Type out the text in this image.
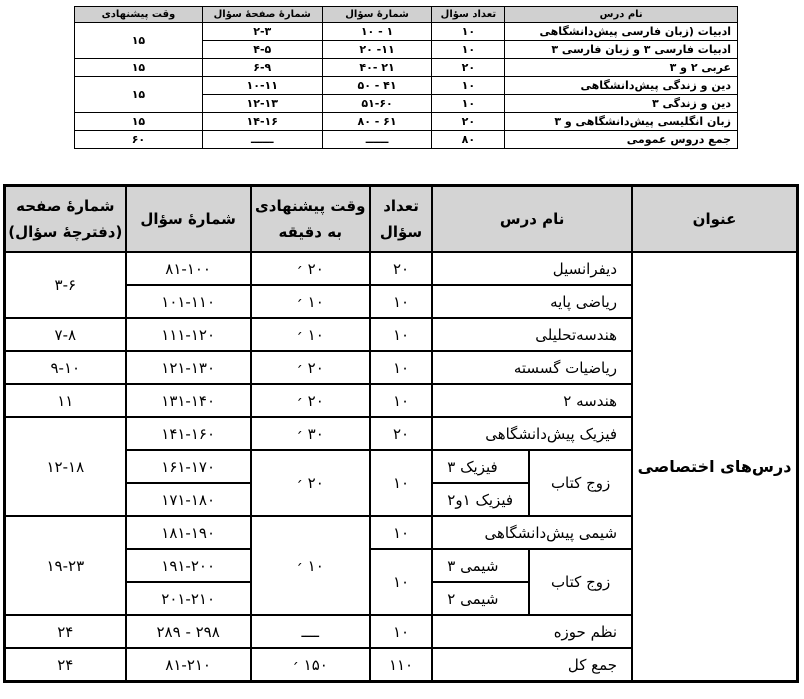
نام درس	تعداد سؤال	شمارهٔ سؤال	شمارهٔ صفحهٔ سؤال	وقت پیشنهادی
ادبیات (زبان فارسی پیش‌دانشگاهی	۱۰	۱ - ۱۰	۲-۳	۱۵
ادبیات فارسی ۳ و زبان فارسی ۳	۱۰	۱۱- ۲۰	۴-۵	
عربی ۲ و ۳	۲۰	۲۱ -۴۰	۶-۹	۱۵
دین و زندگی پیش‌دانشگاهی	۱۰	۴۱ - ۵۰	۱۰-۱۱	۱۵
دین و زندگی ۳	۱۰	۵۱-۶۰	۱۲-۱۳	
زبان انگلیسی پیش‌دانشگاهی و ۳	۲۰	۶۱ - ۸۰	۱۴-۱۶	۱۵
جمع دروس عمومی	۸۰	ــــــ	ــــــ	۶۰
عنوان	نام درس		تعداد سؤال	وقت پیشنهادی به دقیقه	شمارهٔ سؤال	شمارهٔ صفحه (دفترچهٔ سؤال)
درس‌های اختصاصی	دیفرانسیل		۲۰	۲۰ ׳	۸۱-۱۰۰	۳-۶
	ریاضی پایه		۱۰	۱۰ ׳	۱۰۱-۱۱۰	
	هندسه‌تحلیلی		۱۰	۱۰ ׳	۱۱۱-۱۲۰	۷-۸
	ریاضیات گسسته		۱۰	۲۰ ׳	۱۲۱-۱۳۰	۹-۱۰
	هندسه ۲		۱۰	۲۰ ׳	۱۳۱-۱۴۰	۱۱
	فیزیک پیش‌دانشگاهی		۲۰	۳۰ ׳	۱۴۱-۱۶۰	۱۲-۱۸
	زوج کتاب	فیزیک ۳	۱۰	۲۰ ׳	۱۶۱-۱۷۰	
		فیزیک ۱و۲			۱۷۱-۱۸۰	
	شیمی پیش‌دانشگاهی		۱۰	۱۰ ׳	۱۸۱-۱۹۰	۱۹-۲۳
	زوج کتاب	شیمی ۳	۱۰		۱۹۱-۲۰۰	
		شیمی ۲			۲۰۱-۲۱۰	
	نظم حوزه		۱۰	ــــ	۲۹۸ - ۲۸۹	۲۴
	جمع کل		۱۱۰	۱۵۰ ׳	۸۱-۲۱۰	۲۴
